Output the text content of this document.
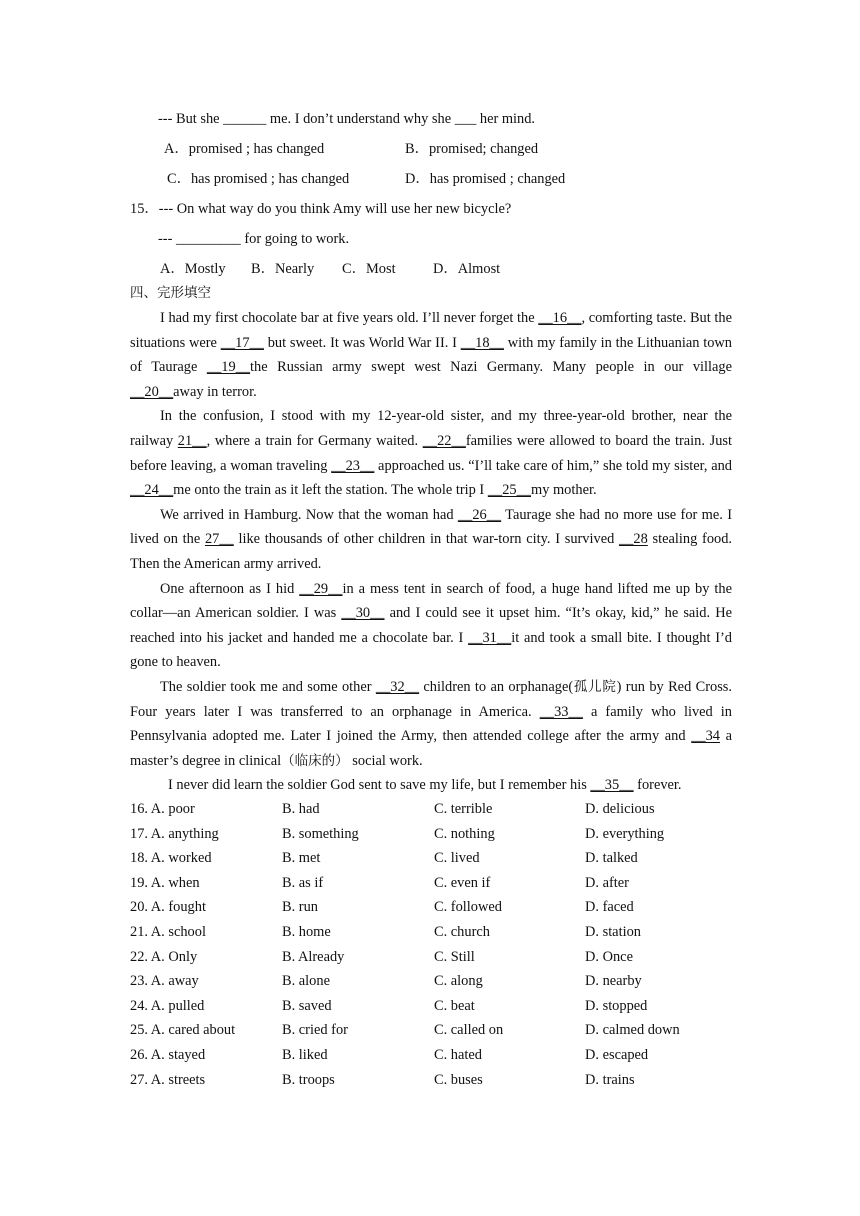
--- But she ______ me. I don’t understand why she ___ her mind.
A．promised ; has changed	B．promised; changed
C．has promised ; has changed	D．has promised ; changed
15．--- On what way do you think Amy will use her new bicycle?
--- _________ for going to work.
A．Mostly B．Nearly C．Most	D．Almost
四、完形填空

I had my first chocolate bar at five years old. I’ll never forget the __16__, comforting taste. But the situations were __17__ but sweet. It was World War II. I __18__ with my family in the Lithuanian town of Taurage __19__the Russian army swept west Nazi Germany. Many people in our village __20__away in terror.

In the confusion, I stood with my 12-year-old sister, and my three-year-old brother, near the railway 21__, where a train for Germany waited. __22__families were allowed to board the train. Just before leaving, a woman traveling __23__ approached us. “I’ll take care of him,” she told my sister, and __24__me onto the train as it left the station. The whole trip I __25__my mother.

We arrived in Hamburg. Now that the woman had __26__ Taurage she had no more use for me. I lived on the 27__ like thousands of other children in that war-torn city. I survived __28 stealing food. Then the American army arrived.

One afternoon as I hid __29__in a mess tent in search of food, a huge hand lifted me up by the collar—an American soldier. I was __30__ and I could see it upset him. “It’s okay, kid,” he said. He reached into his jacket and handed me a chocolate bar. I __31__it and took a small bite. I thought I’d gone to heaven.

The soldier took me and some other __32__ children to an orphanage(孤儿院) run by Red Cross. Four years later I was transferred to an orphanage in America. __33__ a family who lived in Pennsylvania adopted me. Later I joined the Army, then attended college after the army and __34 a master’s degree in clinical（临床的） social work.

I never did learn the soldier God sent to save my life, but I remember his __35__ forever.

16. A. poor	B. had	C. terrible	D. delicious
17. A. anything	B. something	C. nothing	D. everything
18. A. worked	B. met	C. lived	D. talked
19. A. when	B. as if	C. even if	D. after
20. A. fought	B. run	C. followed	D. faced
21. A. school	B. home	C. church	D. station
22. A. Only	B. Already	C. Still	D. Once
23. A. away	B. alone	C. along	D. nearby
24. A. pulled	B. saved	C. beat	D. stopped
25. A. cared about	B. cried for	C. called on	D. calmed down
26. A. stayed	B. liked	C. hated	D. escaped
27. A. streets	B. troops	C. buses	D. trains
